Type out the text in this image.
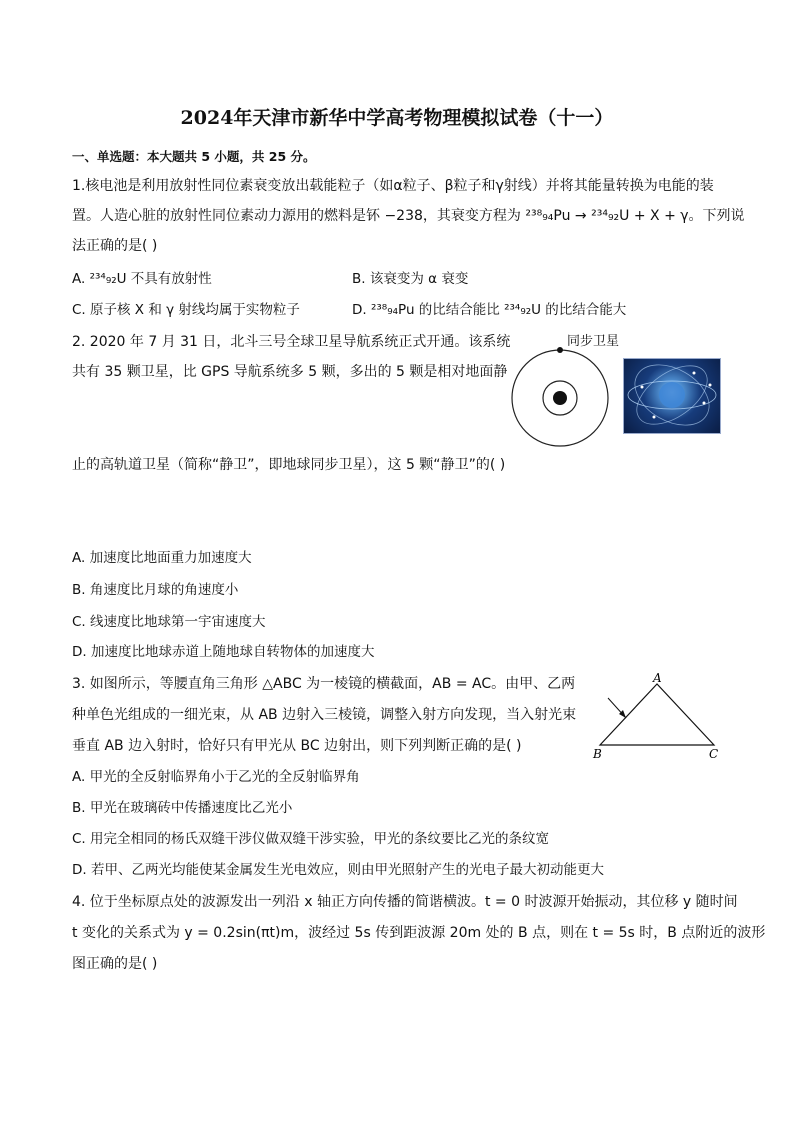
2024年天津市新华中学高考物理模拟试卷（十一）
一、单选题：本大题共 5 小题，共 25 分。
1.核电池是利用放射性同位素衰变放出载能粒子（如α粒子、β粒子和γ射线）并将其能量转换为电能的装
置。人造心脏的放射性同位素动力源用的燃料是钚 −238，其衰变方程为 ²³⁸₉₄Pu → ²³⁴₉₂U + X + γ。下列说
法正确的是( )
A. ²³⁴₉₂U 不具有放射性	B. 该衰变为 α 衰变
C. 原子核 X 和 γ 射线均属于实物粒子	D. ²³⁸₉₄Pu 的比结合能比 ²³⁴₉₂U 的比结合能大
2. 2020 年 7 月 31 日，北斗三号全球卫星导航系统正式开通。该系统
共有 35 颗卫星，比 GPS 导航系统多 5 颗，多出的 5 颗是相对地面静
止的高轨道卫星（简称“静卫”，即地球同步卫星），这 5 颗“静卫”的( )
同步卫星
A. 加速度比地面重力加速度大
B. 角速度比月球的角速度小
C. 线速度比地球第一宇宙速度大
D. 加速度比地球赤道上随地球自转物体的加速度大
3. 如图所示，等腰直角三角形 △ABC 为一棱镜的横截面，AB = AC。由甲、乙两
种单色光组成的一细光束，从 AB 边射入三棱镜，调整入射方向发现，当入射光束
垂直 AB 边入射时，恰好只有甲光从 BC 边射出，则下列判断正确的是( )
A
B	C
A. 甲光的全反射临界角小于乙光的全反射临界角
B. 甲光在玻璃砖中传播速度比乙光小
C. 用完全相同的杨氏双缝干涉仪做双缝干涉实验，甲光的条纹要比乙光的条纹宽
D. 若甲、乙两光均能使某金属发生光电效应，则由甲光照射产生的光电子最大初动能更大
4. 位于坐标原点处的波源发出一列沿 x 轴正方向传播的简谐横波。t = 0 时波源开始振动，其位移 y 随时间
t 变化的关系式为 y = 0.2sin(πt)m，波经过 5s 传到距波源 20m 处的 B 点，则在 t = 5s 时，B 点附近的波形
图正确的是( )
